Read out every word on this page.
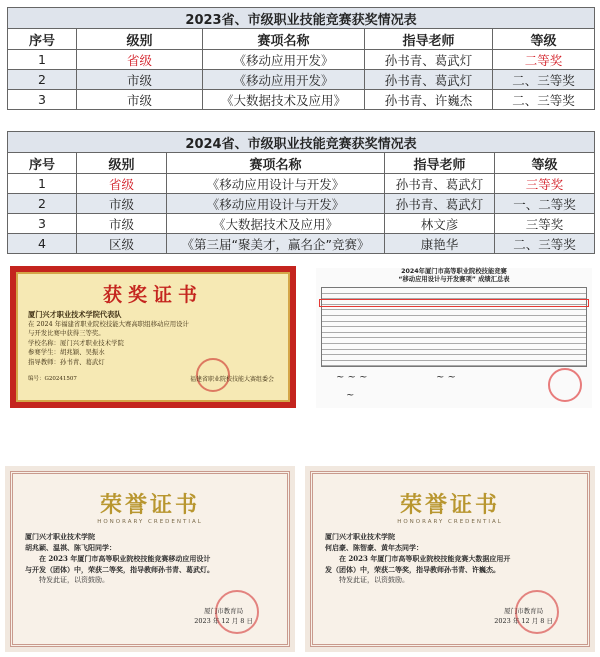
2023省、市级职业技能竞赛获奖情况表				
序号	级别	赛项名称	指导老师	等级
1	省级	《移动应用开发》	孙书青、葛武灯	二等奖
2	市级	《移动应用开发》	孙书青、葛武灯	二、三等奖
3	市级	《大数据技术及应用》	孙书青、许巍杰	二、三等奖
2024省、市级职业技能竞赛获奖情况表				
序号	级别	赛项名称	指导老师	等级
1	省级	《移动应用设计与开发》	孙书青、葛武灯	三等奖
2	市级	《移动应用设计与开发》	孙书青、葛武灯	一、二等奖
3	市级	《大数据技术及应用》	林文彦	三等奖
4	区级	《第三届“聚美才，赢名企”竞赛》	康艳华	二、三等奖
获奖证书
厦门兴才职业技术学院代表队
在 2024 年福建省职业院校技能大赛高职组移动应用设计
与开发比赛中获得三等奖。
学校名称：厦门兴才职业技术学院
参赛学生：胡兆颖、吴振水
指导教师：孙书青、葛武灯
编号：G20241507	福建省职业院校技能大赛组委会
2024年厦门市高等职业院校技能竞赛
“移动应用设计与开发赛项” 成绩汇总表
~ ~ ~	~ ~
~
荣誉证书
HONORARY CREDENTIAL
厦门兴才职业技术学院
胡兆颖、温祺、陈飞阳同学：
在 2023 年厦门市高等职业院校技能竞赛移动应用设计
与开发（团体）中，荣获二等奖，指导教师孙书青、葛武灯。
特发此证，以资鼓励。
厦门市教育局
2023 年 12 月 8 日
荣誉证书
HONORARY CREDENTIAL
厦门兴才职业技术学院
何启豪、陈智豪、黄年杰同学：
在 2023 年厦门市高等职业院校技能竞赛大数据应用开
发（团体）中，荣获二等奖，指导教师孙书青、许巍杰。
特发此证，以资鼓励。
厦门市教育局
2023 年 12 月 8 日
